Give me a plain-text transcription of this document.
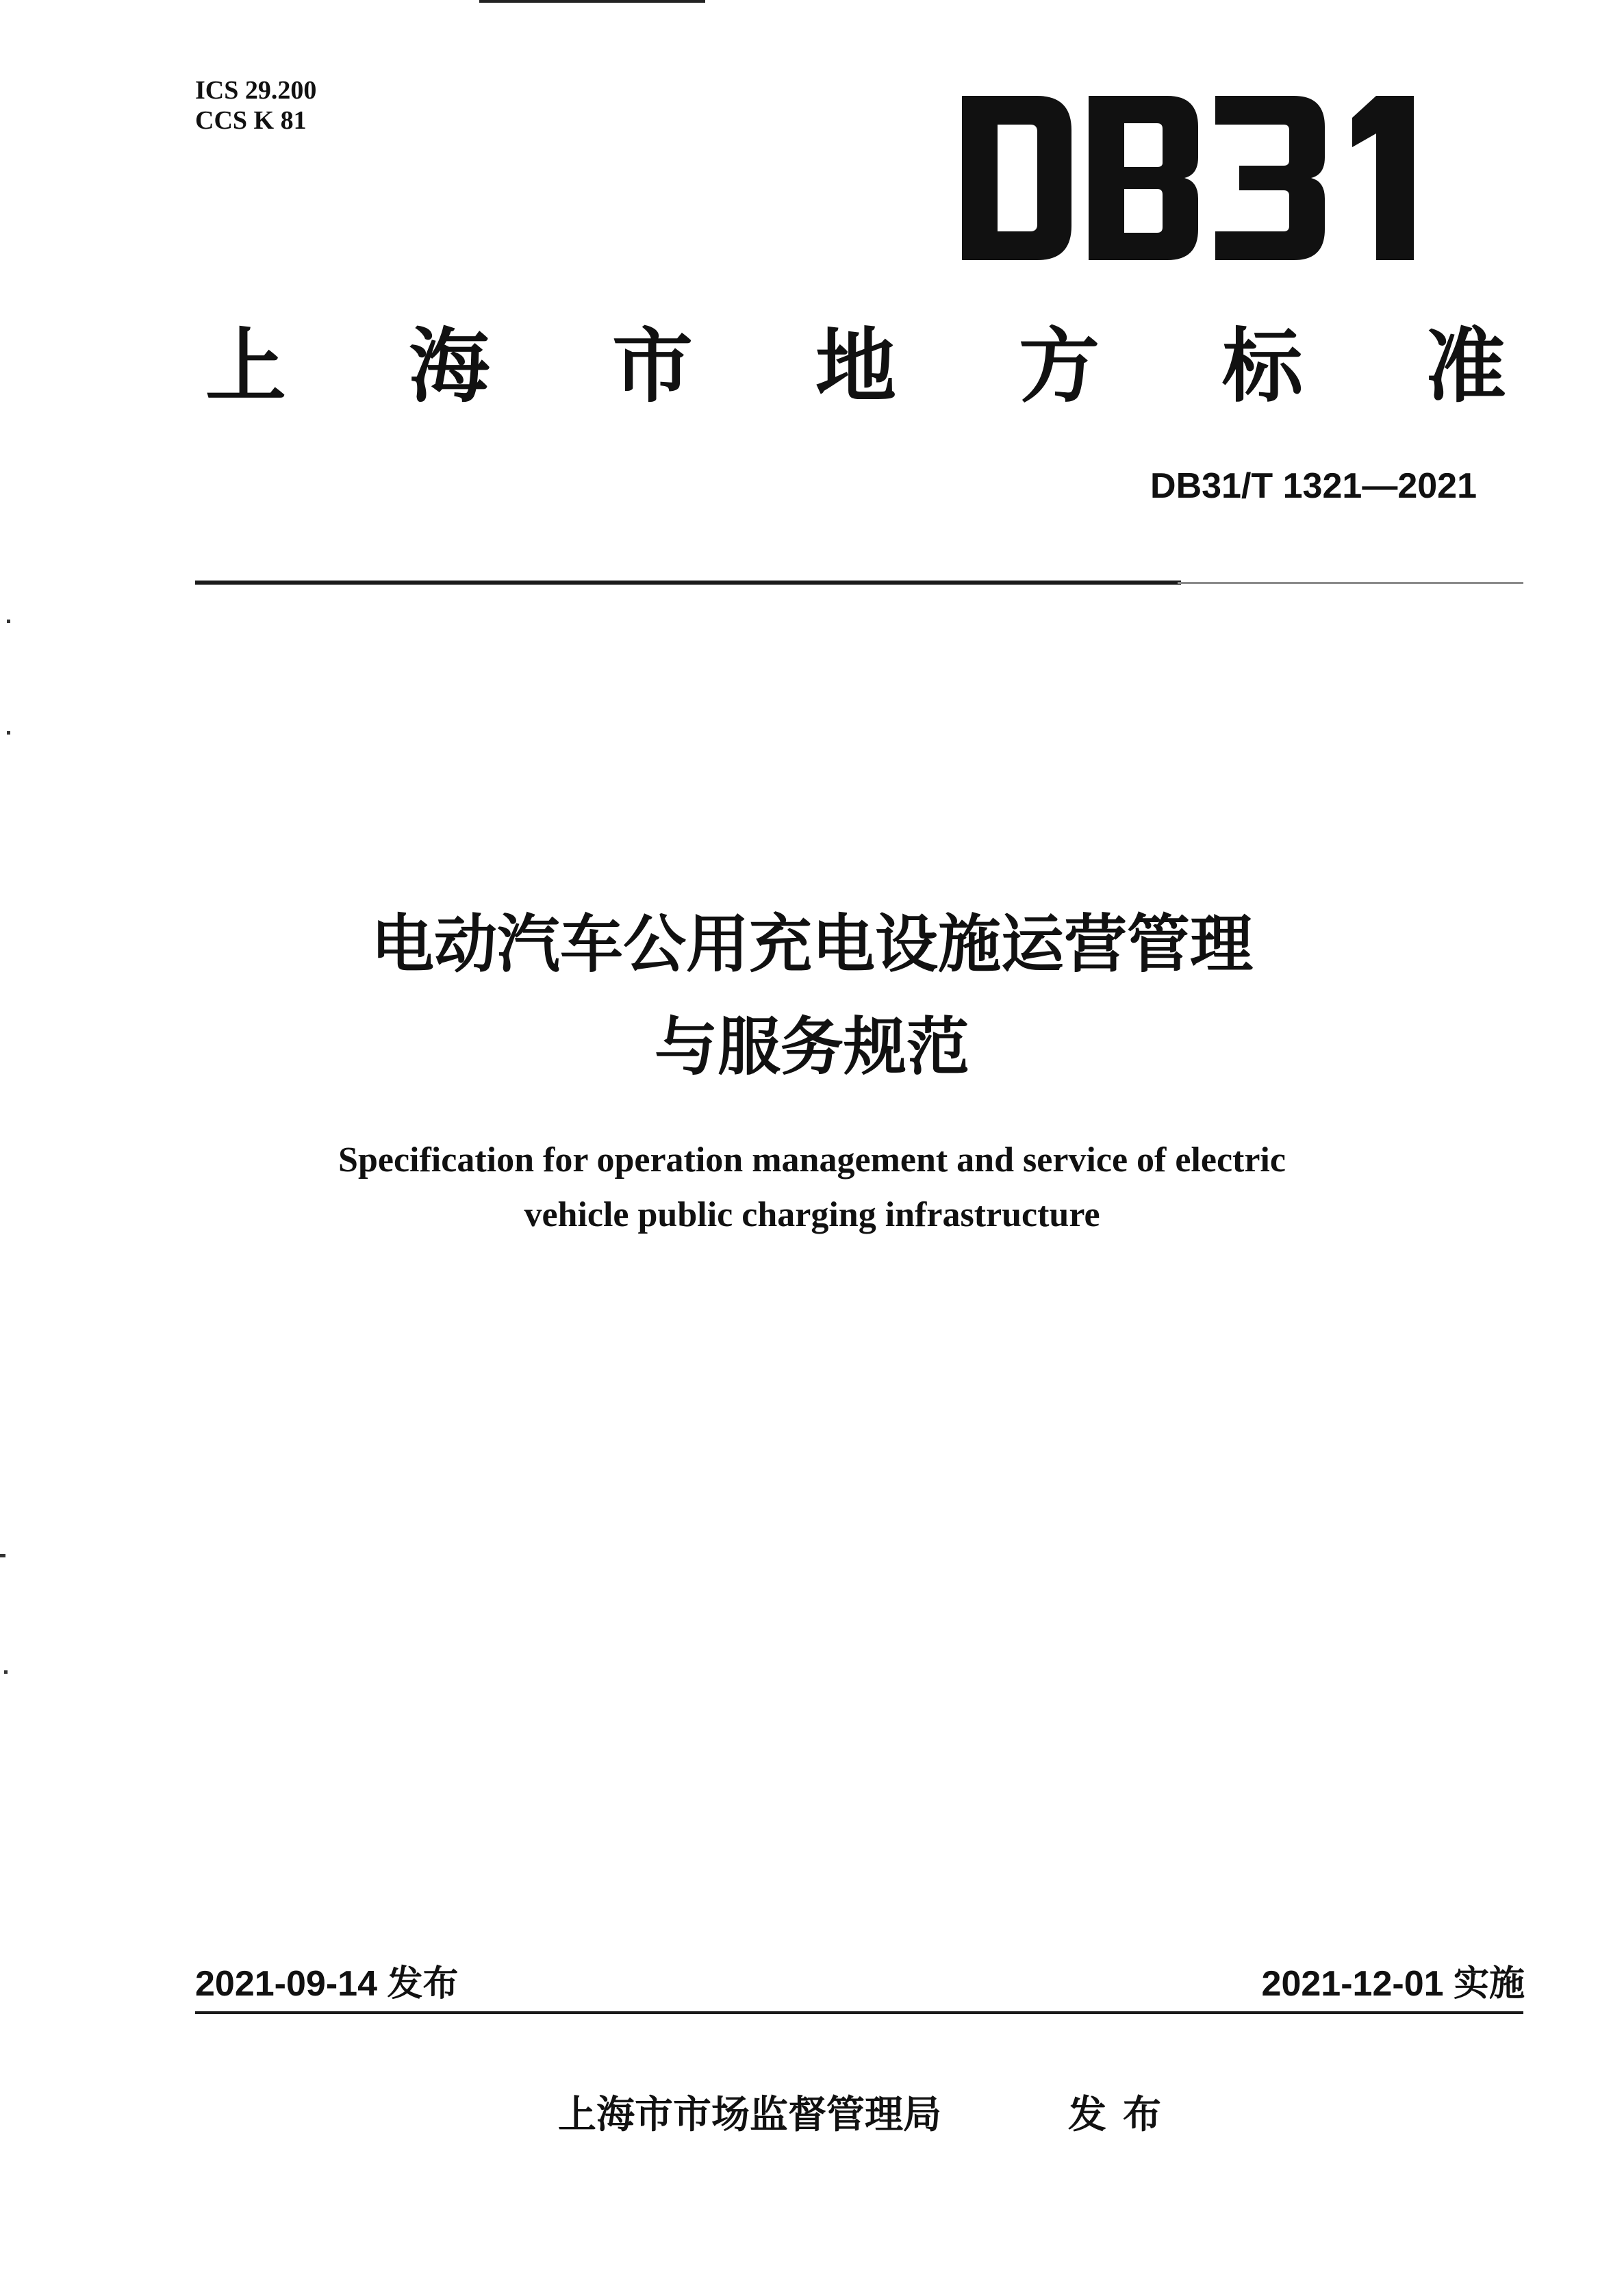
ICS 29.200
CCS K 81
上 海 市 地 方 标 准
DB31/T 1321—2021
电动汽车公用充电设施运营管理
与服务规范
Specification for operation management and service of electric
vehicle public charging infrastructure
2021-09-14 发布	2021-12-01 实施
上海市市场监督管理局	发布
